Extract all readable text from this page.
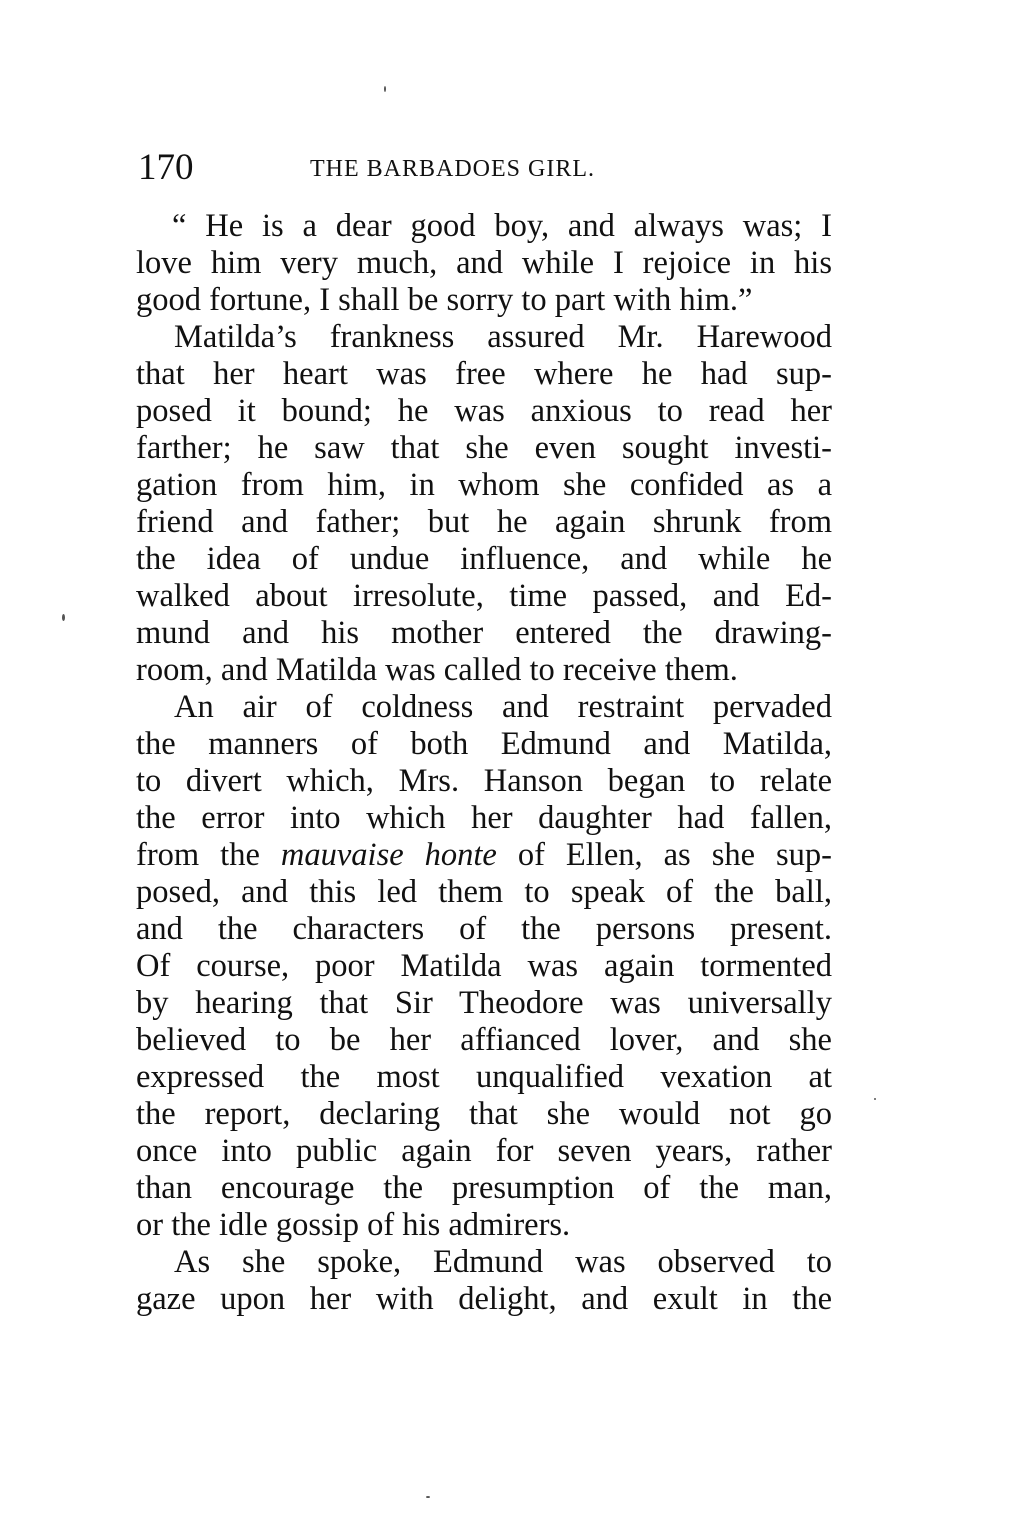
170	THE BARBADOES GIRL.
“ He is a dear good boy, and always was; I
love him very much, and while I rejoice in his
good fortune, I shall be sorry to part with him.”
Matilda’s frankness assured Mr. Harewood
that her heart was free where he had sup-
posed it bound; he was anxious to read her
farther; he saw that she even sought investi-
gation from him, in whom she confided as a
friend and father; but he again shrunk from
the idea of undue influence, and while he
walked about irresolute, time passed, and Ed-
mund and his mother entered the drawing-
room, and Matilda was called to receive them.
An air of coldness and restraint pervaded
the manners of both Edmund and Matilda,
to divert which, Mrs. Hanson began to relate
the error into which her daughter had fallen,
from the mauvaise honte of Ellen, as she sup-
posed, and this led them to speak of the ball,
and the characters of the persons present.
Of course, poor Matilda was again tormented
by hearing that Sir Theodore was universally
believed to be her affianced lover, and she
expressed the most unqualified vexation at
the report, declaring that she would not go
once into public again for seven years, rather
than encourage the presumption of the man,
or the idle gossip of his admirers.
As she spoke, Edmund was observed to
gaze upon her with delight, and exult in the
